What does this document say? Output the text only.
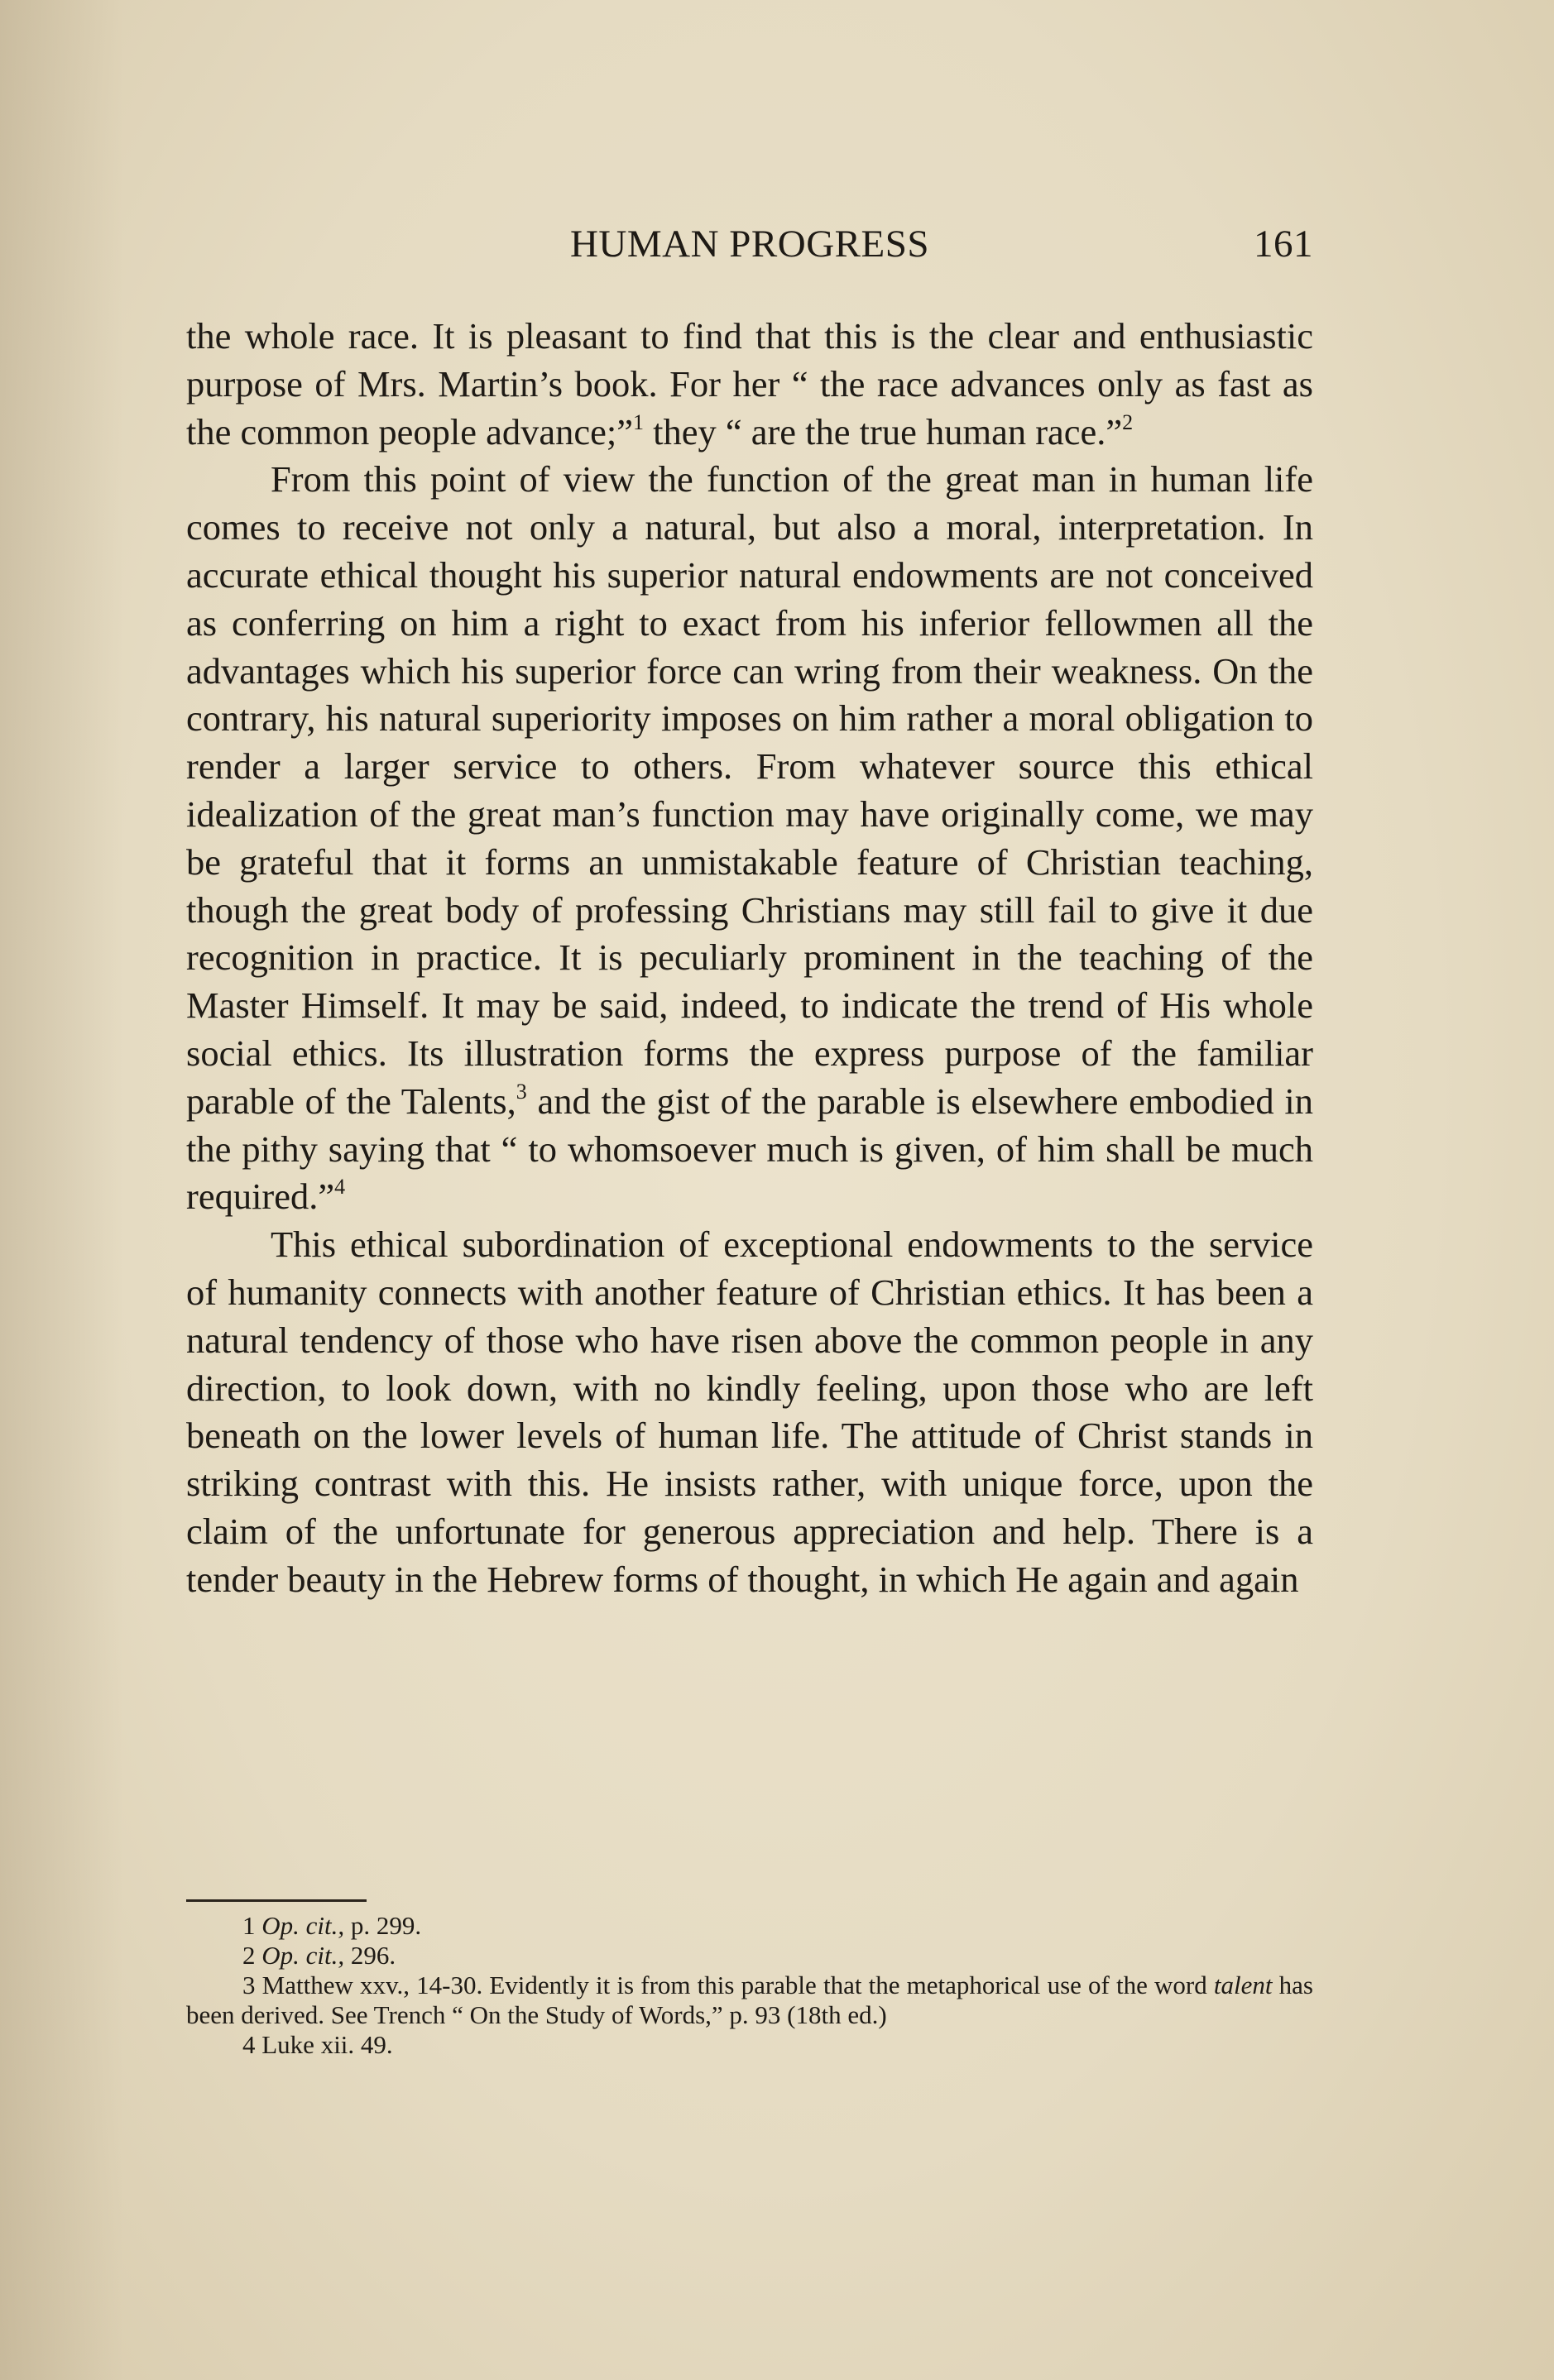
HUMAN PROGRESS	161

the whole race. It is pleasant to find that this is the clear and enthusiastic purpose of Mrs. Martin’s book. For her “ the race advances only as fast as the common people advance;”$^1$ they “ are the true human race.”$^2$

From this point of view the function of the great man in human life comes to receive not only a natural, but also a moral, interpretation. In accurate ethical thought his superior natural endowments are not conceived as conferring on him a right to exact from his inferior fellowmen all the advantages which his superior force can wring from their weakness. On the contrary, his natural superiority imposes on him rather a moral obligation to render a larger service to others. From whatever source this ethical idealization of the great man’s function may have originally come, we may be grateful that it forms an unmistakable feature of Christian teaching, though the great body of professing Christians may still fail to give it due recognition in practice. It is peculiarly prominent in the teaching of the Master Himself. It may be said, indeed, to indicate the trend of His whole social ethics. Its illustration forms the express purpose of the familiar parable of the Talents,$^3$ and the gist of the parable is elsewhere embodied in the pithy saying that “ to whomsoever much is given, of him shall be much required.”$^4$

This ethical subordination of exceptional endowments to the service of humanity connects with another feature of Christian ethics. It has been a natural tendency of those who have risen above the common people in any direction, to look down, with no kindly feeling, upon those who are left beneath on the lower levels of human life. The attitude of Christ stands in striking contrast with this. He insists rather, with unique force, upon the claim of the unfortunate for generous appreciation and help. There is a tender beauty in the Hebrew forms of thought, in which He again and again

1 Op. cit., p. 299.

2 Op. cit., 296.

3 Matthew xxv., 14-30. Evidently it is from this parable that the metaphorical use of the word talent has been derived. See Trench “ On the Study of Words,” p. 93 (18th ed.)

4 Luke xii. 49.
